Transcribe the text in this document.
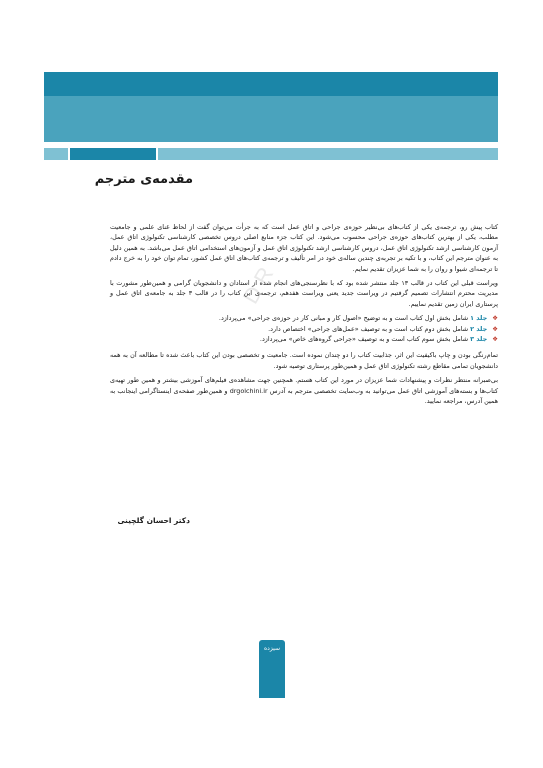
DR
مقدمه‌ی مترجم

کتاب پیش رو، ترجمه‌ی یکی از کتاب‌های بی‌نظیر حوزه‌ی جراحی و اتاق عمل است که به جرأت می‌توان گفت از لحاظ غنای علمی و جامعیت مطلب، یکی از بهترین کتاب‌های حوزه‌ی جراحی محسوب می‌شود. این کتاب جزء منابع اصلی دروس تخصصی کارشناسی تکنولوژی اتاق عمل، آزمون کارشناسی ارشد تکنولوژی اتاق عمل، دروس کارشناسی ارشد تکنولوژی اتاق عمل و آزمون‌های استخدامی اتاق عمل می‌باشد. به همین دلیل به عنوان مترجم این کتاب، و با تکیه بر تجربه‌ی چندین ساله‌ی خود در امر تألیف و ترجمه‌ی کتاب‌های اتاق عمل کشور، تمام توان خود را به خرج دادم تا ترجمه‌ای شیوا و روان را به شما عزیزان تقدیم نمایم.

ویراست قبلی این کتاب در قالب ۱۳ جلد منتشر شده بود که با نظرسنجی‌های انجام شده از استادان و دانشجویان گرامی و همین‌طور مشورت با مدیریت محترم انتشارات تصمیم گرفتیم در ویراست جدید یعنی ویراست هفدهم، ترجمه‌ی این کتاب را در قالب ۳ جلد به جامعه‌ی اتاق عمل و پرستاری ایران زمین تقدیم نماییم.

❖ جلد ۱ شامل بخش اول کتاب است و به توضیح «اصول کار و مبانی کار در حوزه‌ی جراحی» می‌پردازد.
❖ جلد ۲ شامل بخش دوم کتاب است و به توصیف «عمل‌های جراحی» اختصاص دارد.
❖ جلد ۳ شامل بخش سوم کتاب است و به توصیف «جراحی گروه‌های خاص» می‌پردازد.

تمام‌رنگی بودن و چاپ باکیفیت این اثر، جذابیت کتاب را دو چندان نموده است. جامعیت و تخصصی بودن این کتاب باعث شده تا مطالعه آن به همه دانشجویان تمامی مقاطع رشته تکنولوژی اتاق عمل و همین‌طور پرستاری توصیه شود.

بی‌صبرانه منتظر نظرات و پیشنهادات شما عزیزان در مورد این کتاب هستم. همچنین جهت مشاهده‌ی فیلم‌های آموزشی بیشتر و همین طور تهیه‌ی کتاب‌ها و بسته‌های آموزشی اتاق عمل می‌توانید به وب‌سایت تخصصی مترجم به آدرس drgolchini.ir و همین‌طور صفحه‌ی اینستاگرامی اینجانب به همین آدرس، مراجعه نمایید.

دکتر احسان گلچینی
سیزده
